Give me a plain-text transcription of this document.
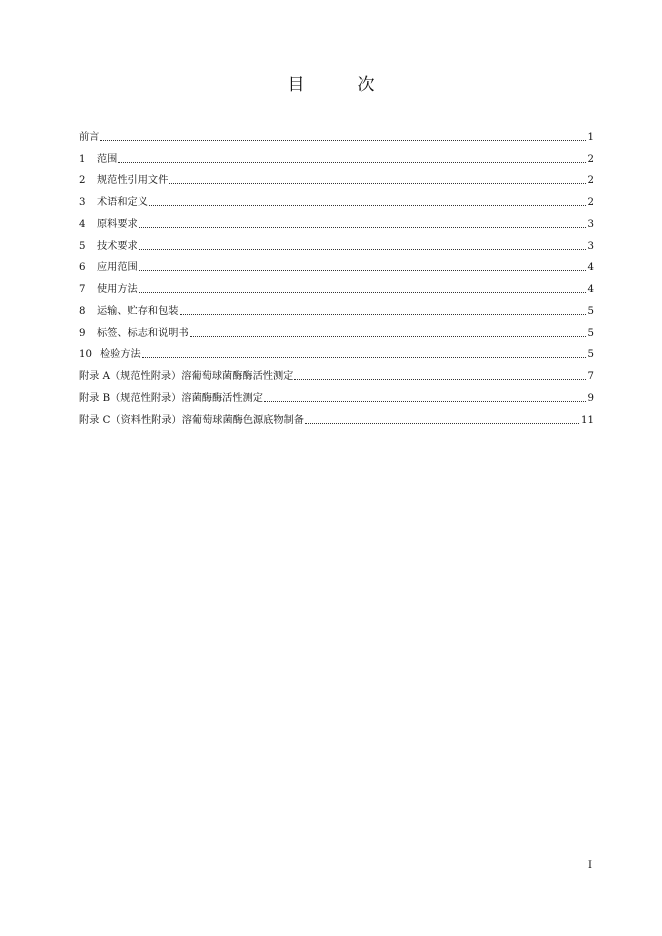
目　次
前言	1
1	范围	2
2	规范性引用文件	2
3	术语和定义	2
4	原料要求	3
5	技术要求	3
6	应用范围	4
7	使用方法	4
8	运输、贮存和包装	5
9	标签、标志和说明书	5
10 检验方法	5
附录 A（规范性附录）溶葡萄球菌酶酶活性测定	7
附录 B（规范性附录）溶菌酶酶活性测定	9
附录 C（资料性附录）溶葡萄球菌酶色源底物制备	11
I
